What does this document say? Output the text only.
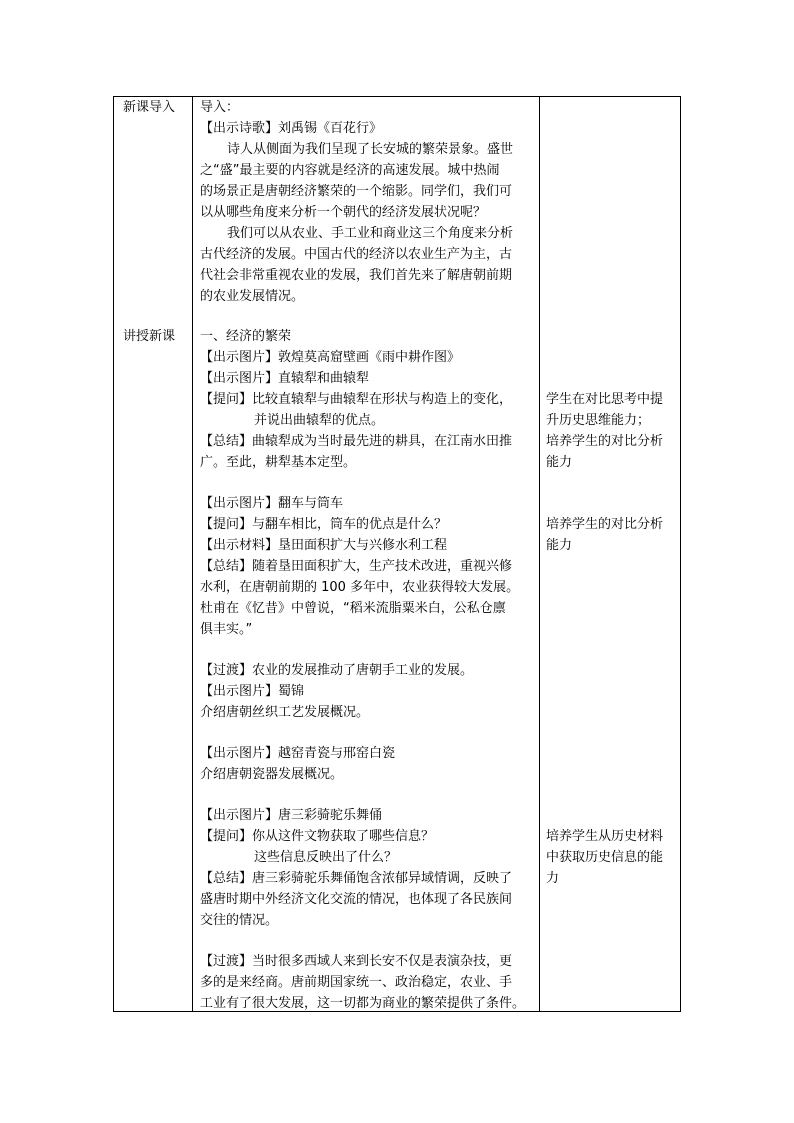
新课导入
讲授新课
导入：
【出示诗歌】刘禹锡《百花行》
诗人从侧面为我们呈现了长安城的繁荣景象。盛世
之“盛”最主要的内容就是经济的高速发展。城中热闹
的场景正是唐朝经济繁荣的一个缩影。同学们，我们可
以从哪些角度来分析一个朝代的经济发展状况呢？
我们可以从农业、手工业和商业这三个角度来分析
古代经济的发展。中国古代的经济以农业生产为主，古
代社会非常重视农业的发展，我们首先来了解唐朝前期
的农业发展情况。
一、经济的繁荣
【出示图片】敦煌莫高窟壁画《雨中耕作图》
【出示图片】直辕犁和曲辕犁
【提问】比较直辕犁与曲辕犁在形状与构造上的变化，
并说出曲辕犁的优点。
【总结】曲辕犁成为当时最先进的耕具，在江南水田推
广。至此，耕犁基本定型。
【出示图片】翻车与筒车
【提问】与翻车相比，筒车的优点是什么？
【出示材料】垦田面积扩大与兴修水利工程
【总结】随着垦田面积扩大，生产技术改进，重视兴修
水利，在唐朝前期的 100 多年中，农业获得较大发展。
杜甫在《忆昔》中曾说，“稻米流脂粟米白，公私仓廪
俱丰实。”
【过渡】农业的发展推动了唐朝手工业的发展。
【出示图片】蜀锦
介绍唐朝丝织工艺发展概况。
【出示图片】越窑青瓷与邢窑白瓷
介绍唐朝瓷器发展概况。
【出示图片】唐三彩骑驼乐舞俑
【提问】你从这件文物获取了哪些信息？
这些信息反映出了什么？
【总结】唐三彩骑驼乐舞俑饱含浓郁异域情调，反映了
盛唐时期中外经济文化交流的情况，也体现了各民族间
交往的情况。
【过渡】当时很多西域人来到长安不仅是表演杂技，更
多的是来经商。唐前期国家统一、政治稳定，农业、手
工业有了很大发展，这一切都为商业的繁荣提供了条件。
学生在对比思考中提
升历史思维能力；
培养学生的对比分析
能力
培养学生的对比分析
能力
培养学生从历史材料
中获取历史信息的能
力
